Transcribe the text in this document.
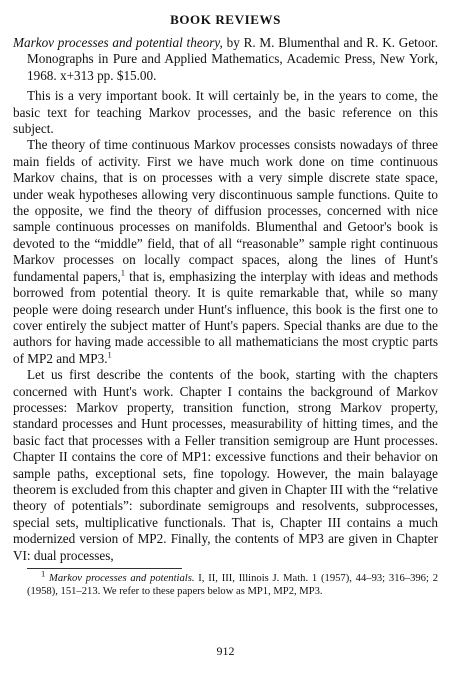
BOOK REVIEWS

Markov processes and potential theory, by R. M. Blumenthal and R. K. Getoor. Monographs in Pure and Applied Mathematics, Academic Press, New York, 1968. x+313 pp. $15.00.

This is a very important book. It will certainly be, in the years to come, the basic text for teaching Markov processes, and the basic reference on this subject.

The theory of time continuous Markov processes consists nowadays of three main fields of activity. First we have much work done on time continuous Markov chains, that is on processes with a very simple discrete state space, under weak hypotheses allowing very discontinuous sample functions. Quite to the opposite, we find the theory of diffusion processes, concerned with nice sample continuous processes on manifolds. Blumenthal and Getoor's book is devoted to the “middle” field, that of all “reasonable” sample right continuous Markov processes on locally compact spaces, along the lines of Hunt's fundamental papers,$^1$ that is, emphasizing the interplay with ideas and methods borrowed from potential theory. It is quite remarkable that, while so many people were doing research under Hunt's influence, this book is the first one to cover entirely the subject matter of Hunt's papers. Special thanks are due to the authors for having made accessible to all mathematicians the most cryptic parts of MP2 and MP3.$^1$

Let us first describe the contents of the book, starting with the chapters concerned with Hunt's work. Chapter I contains the background of Markov processes: Markov property, transition function, strong Markov property, standard processes and Hunt processes, measurability of hitting times, and the basic fact that processes with a Feller transition semigroup are Hunt processes. Chapter II contains the core of MP1: excessive functions and their behavior on sample paths, exceptional sets, fine topology. However, the main balayage theorem is excluded from this chapter and given in Chapter III with the “relative theory of potentials”: subordinate semigroups and resolvents, subprocesses, special sets, multiplicative functionals. That is, Chapter III contains a much modernized version of MP2. Finally, the contents of MP3 are given in Chapter VI: dual processes,

$^1$ Markov processes and potentials. I, II, III, Illinois J. Math. 1 (1957), 44–93; 316–396; 2 (1958), 151–213. We refer to these papers below as MP1, MP2, MP3.

912
